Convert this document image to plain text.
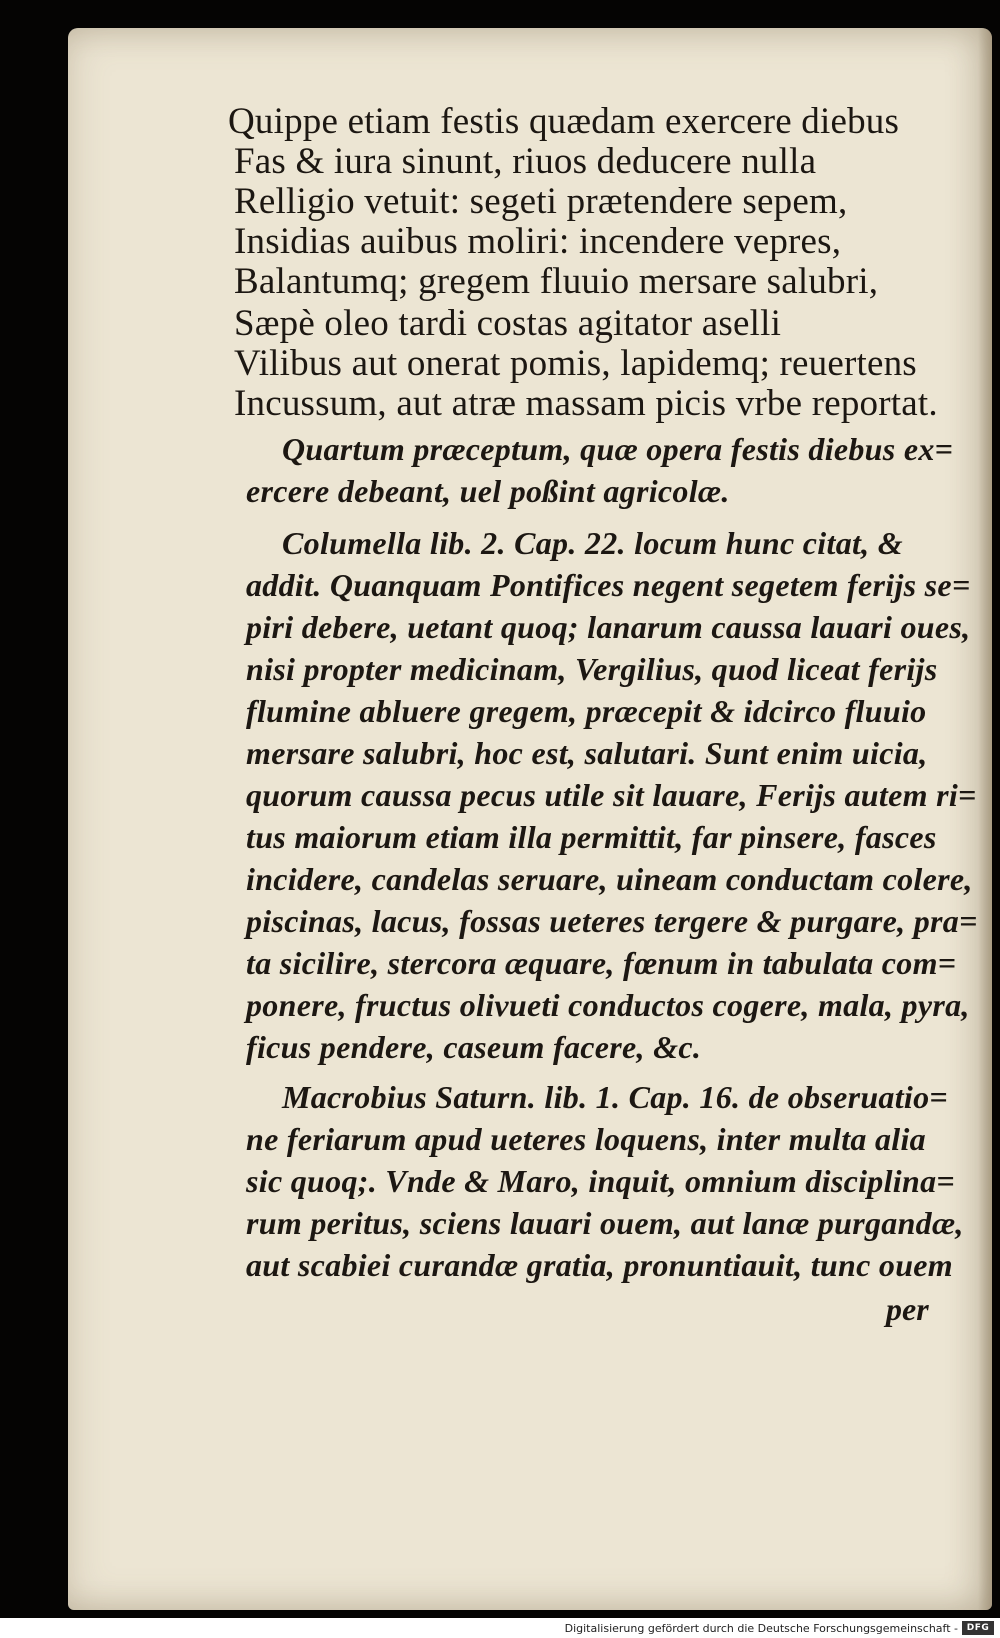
Quippe etiam festis quædam exercere diebus
Fas & iura sinunt, riuos deducere nulla
Relligio vetuit: segeti prætendere sepem,
Insidias auibus moliri: incendere vepres,
Balantumq; gregem fluuio mersare salubri,
Sæpè oleo tardi costas agitator aselli
Vilibus aut onerat pomis, lapidemq; reuertens
Incussum, aut atræ massam picis vrbe reportat.
Quartum præceptum, quæ opera festis diebus ex=
ercere debeant, uel poßint agricolæ.
Columella lib. 2. Cap. 22. locum hunc citat, &
addit. Quanquam Pontifices negent segetem ferijs se=
piri debere, uetant quoq; lanarum caussa lauari oues,
nisi propter medicinam, Vergilius, quod liceat ferijs
flumine abluere gregem, præcepit & idcirco fluuio
mersare salubri, hoc est, salutari. Sunt enim uicia,
quorum caussa pecus utile sit lauare, Ferijs autem ri=
tus maiorum etiam illa permittit, far pinsere, fasces
incidere, candelas seruare, uineam conductam colere,
piscinas, lacus, fossas ueteres tergere & purgare, pra=
ta sicilire, stercora æquare, fœnum in tabulata com=
ponere, fructus olivueti conductos cogere, mala, pyra,
ficus pendere, caseum facere, &c.
Macrobius Saturn. lib. 1. Cap. 16. de obseruatio=
ne feriarum apud ueteres loquens, inter multa alia
sic quoq;. Vnde & Maro, inquit, omnium disciplina=
rum peritus, sciens lauari ouem, aut lanæ purgandæ,
aut scabiei curandæ gratia, pronuntiauit, tunc ouem
per
Digitalisierung gefördert durch die Deutsche Forschungsgemeinschaft - DFG
